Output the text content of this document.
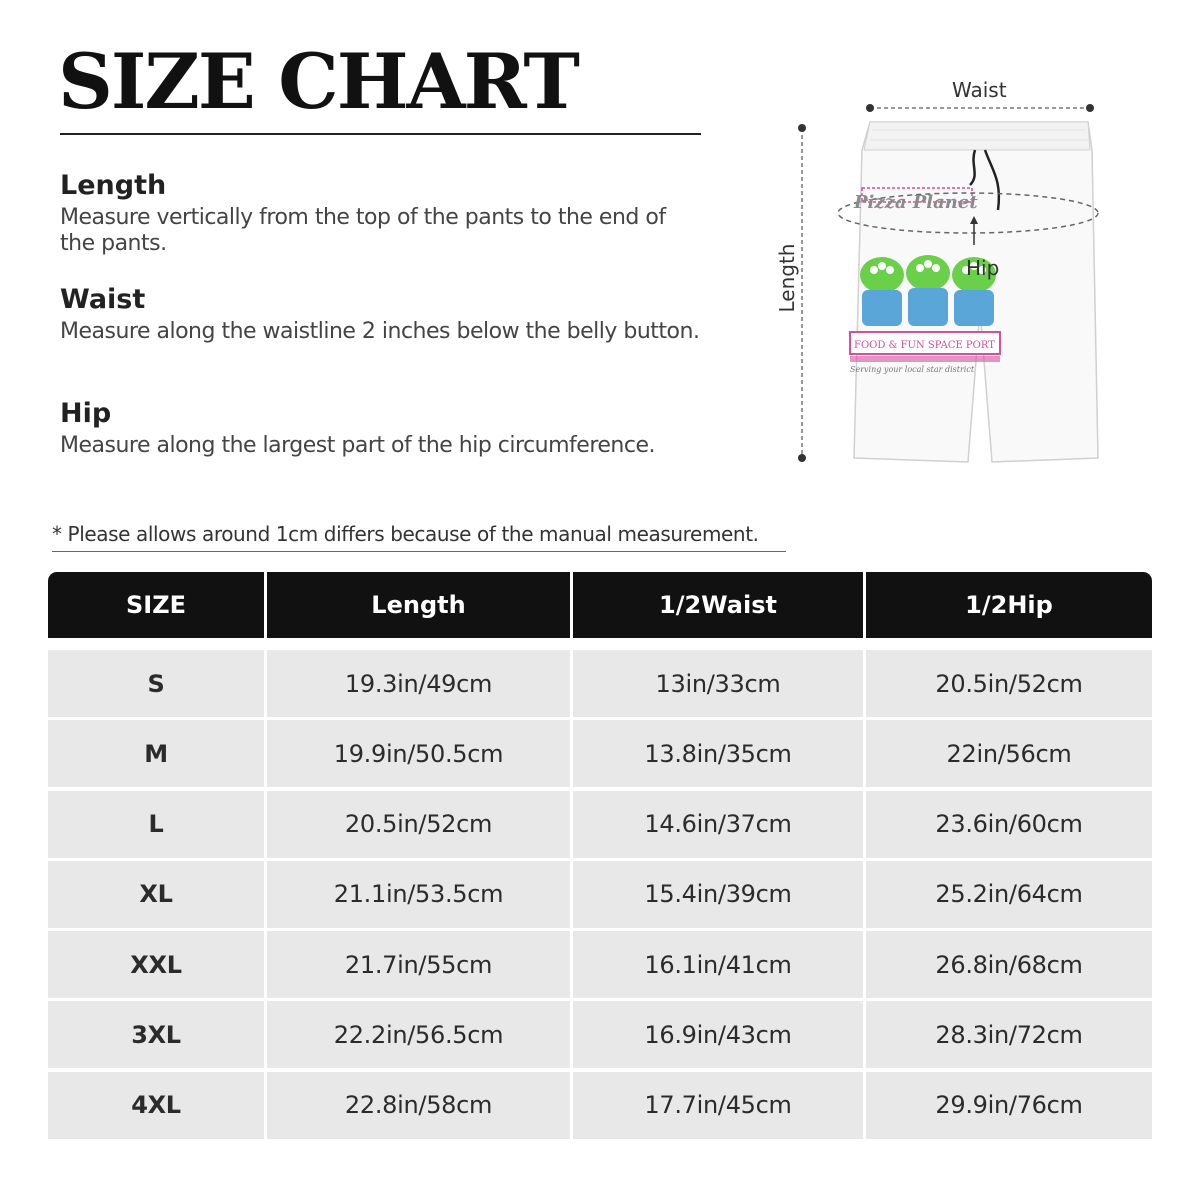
SIZE CHART
Length
Measure vertically from the top of the pants to the end of the pants.
Waist
Measure along the waistline 2 inches below the belly button.
Hip
Measure along the largest part of the hip circumference.
Pizza Planet
FOOD & FUN SPACE PORT
Serving your local star district
Waist
Hip
Length
* Please allows around 1cm differs because of the manual measurement.
SIZE	Length	1/2Waist	1/2Hip
S	19.3in/49cm	13in/33cm	20.5in/52cm
M	19.9in/50.5cm	13.8in/35cm	22in/56cm
L	20.5in/52cm	14.6in/37cm	23.6in/60cm
XL	21.1in/53.5cm	15.4in/39cm	25.2in/64cm
XXL	21.7in/55cm	16.1in/41cm	26.8in/68cm
3XL	22.2in/56.5cm	16.9in/43cm	28.3in/72cm
4XL	22.8in/58cm	17.7in/45cm	29.9in/76cm
